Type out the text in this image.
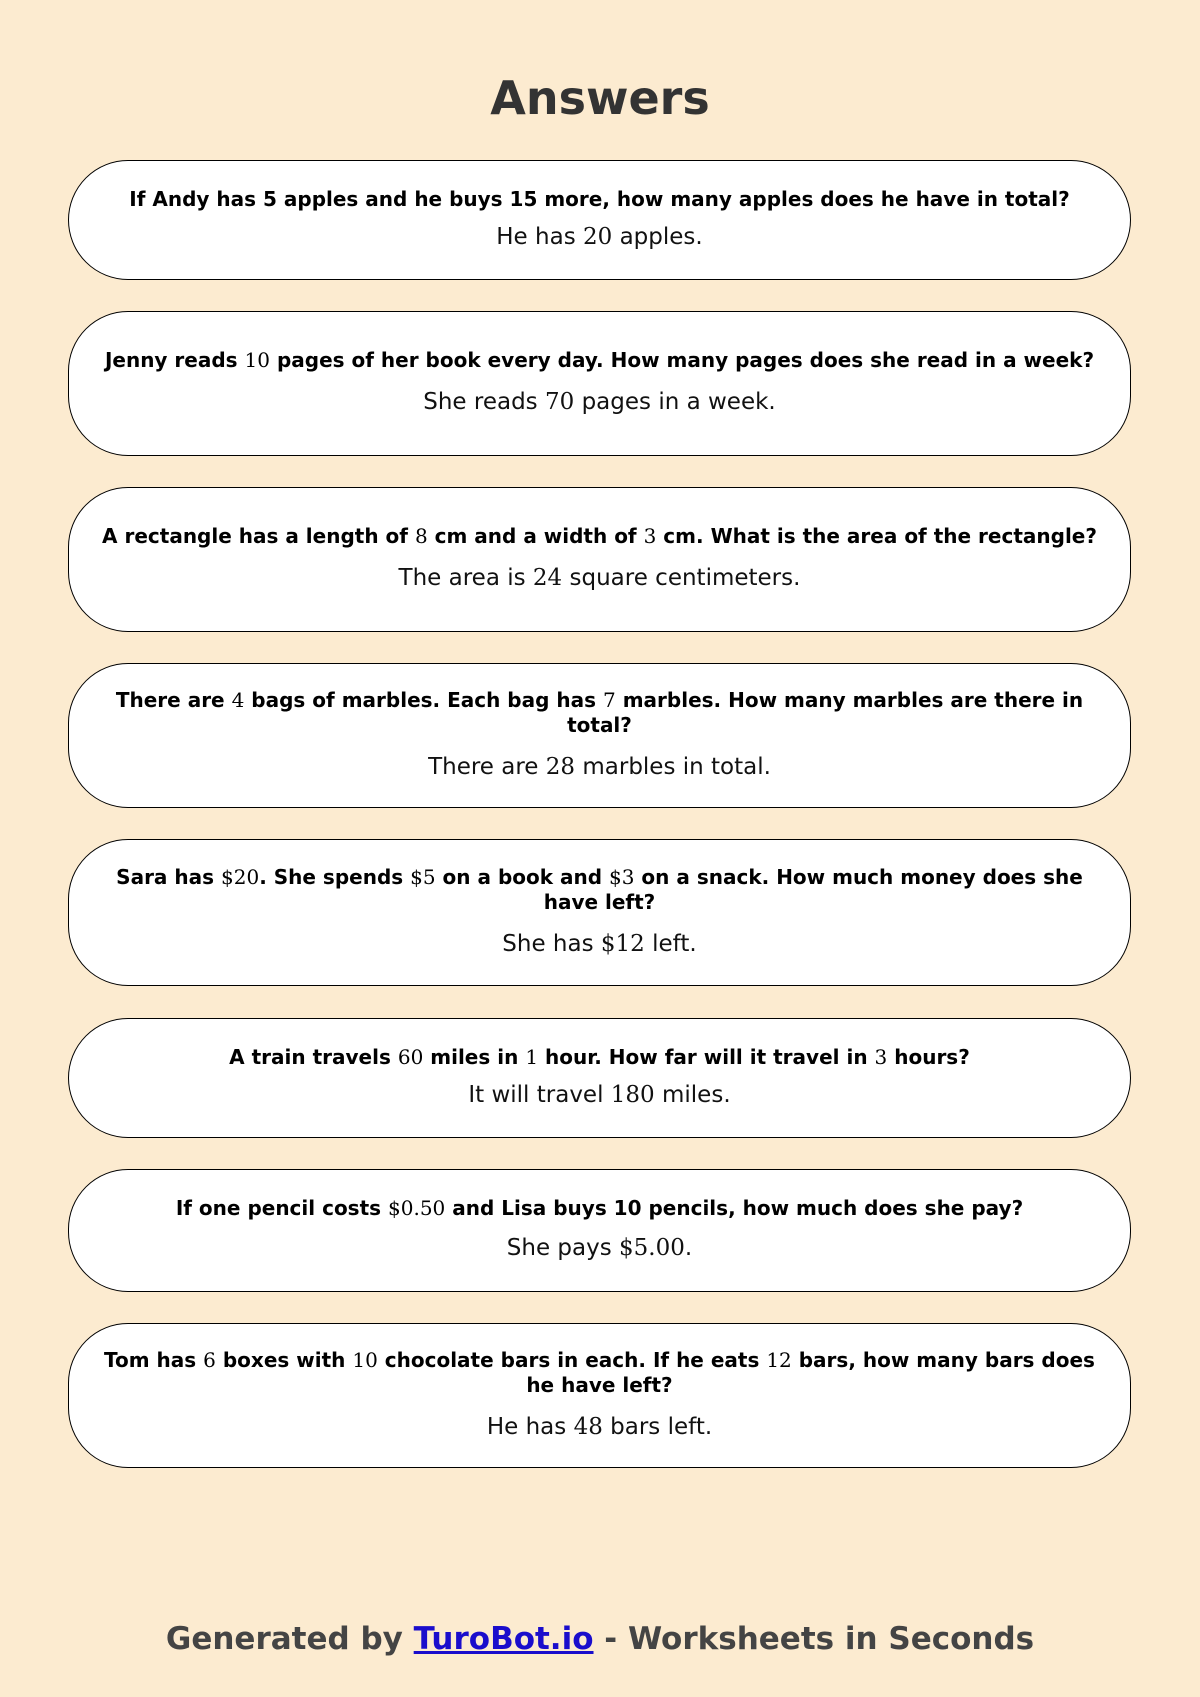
Answers
If Andy has 5 apples and he buys 15 more, how many apples does he have in total?
He has 20 apples.
Jenny reads 10 pages of her book every day. How many pages does she read in a week?
She reads 70 pages in a week.
A rectangle has a length of 8 cm and a width of 3 cm. What is the area of the rectangle?
The area is 24 square centimeters.
There are 4 bags of marbles. Each bag has 7 marbles. How many marbles are there in total?
There are 28 marbles in total.
Sara has $20. She spends $5 on a book and $3 on a snack. How much money does she have left?
She has $12 left.
A train travels 60 miles in 1 hour. How far will it travel in 3 hours?
It will travel 180 miles.
If one pencil costs $0.50 and Lisa buys 10 pencils, how much does she pay?
She pays $5.00.
Tom has 6 boxes with 10 chocolate bars in each. If he eats 12 bars, how many bars does he have left?
He has 48 bars left.
Generated by TuroBot.io - Worksheets in Seconds
